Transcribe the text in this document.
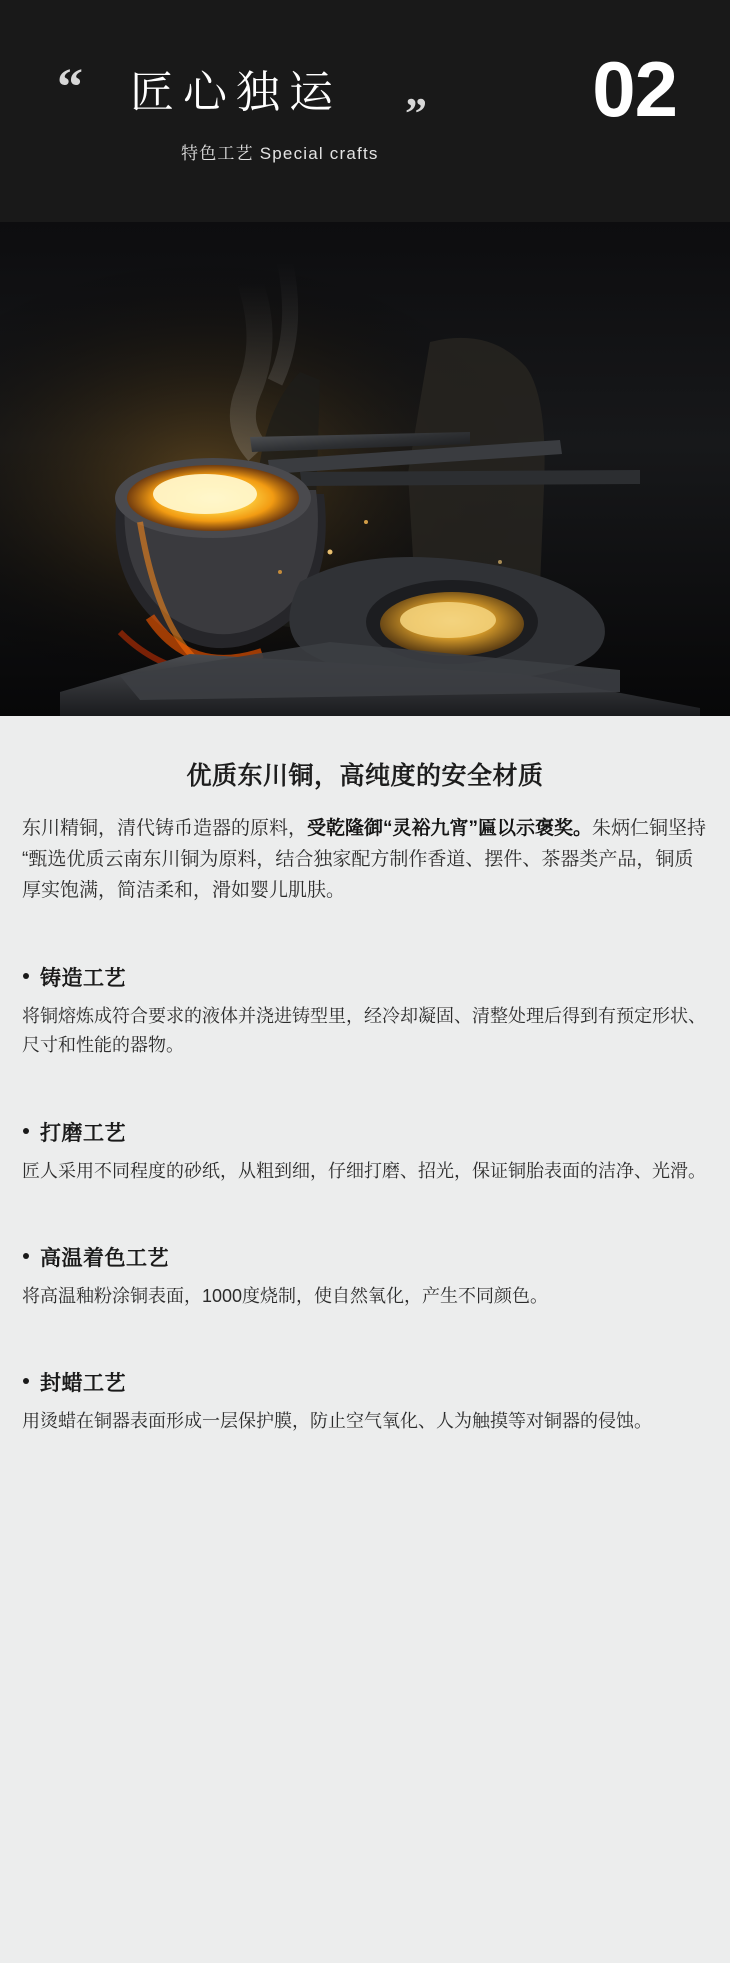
“ 匠心独运 ”
特色工艺 Special crafts
02
优质东川铜，高纯度的安全材质
东川精铜，清代铸币造器的原料，受乾隆御“灵裕九宵”匾以示褒奖。朱炳仁铜坚持“甄选优质云南东川铜为原料，结合独家配方制作香道、摆件、茶器类产品，铜质厚实饱满，简洁柔和，滑如婴儿肌肤。
铸造工艺
将铜熔炼成符合要求的液体并浇进铸型里，经冷却凝固、清整处理后得到有预定形状、尺寸和性能的器物。
打磨工艺
匠人采用不同程度的砂纸，从粗到细，仔细打磨、招光，保证铜胎表面的洁净、光滑。
高温着色工艺
将高温釉粉涂铜表面，1000度烧制，使自然氧化，产生不同颜色。
封蜡工艺
用烫蜡在铜器表面形成一层保护膜，防止空气氧化、人为触摸等对铜器的侵蚀。
